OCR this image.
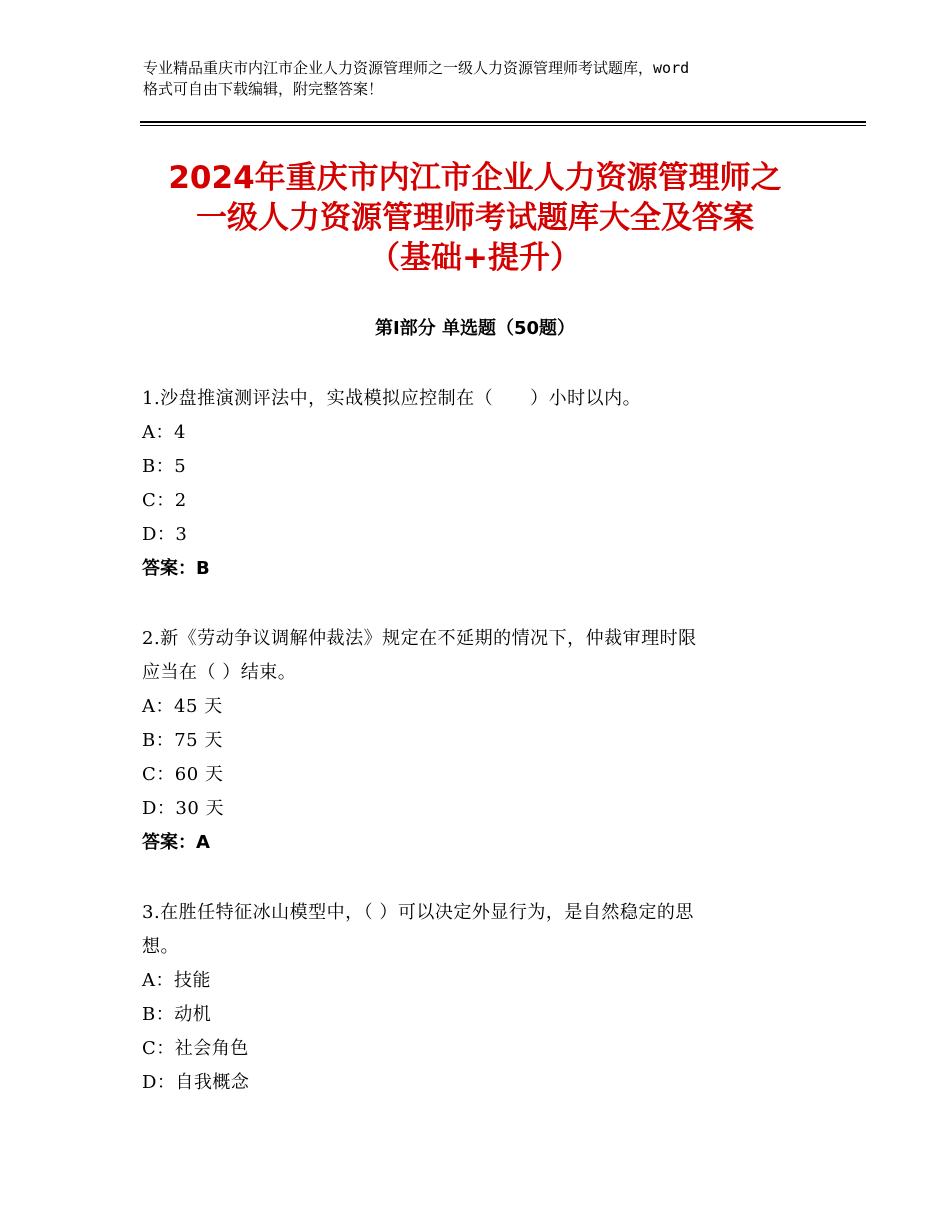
专业精品重庆市内江市企业人力资源管理师之一级人力资源管理师考试题库，word
格式可自由下载编辑，附完整答案！
2024年重庆市内江市企业人力资源管理师之
一级人力资源管理师考试题库大全及答案
（基础+提升）
第Ⅰ部分 单选题（50题）
1.沙盘推演测评法中，实战模拟应控制在（　　）小时以内。
A：4
B：5
C：2
D：3
答案：B
2.新《劳动争议调解仲裁法》规定在不延期的情况下，仲裁审理时限
应当在（ ）结束。
A：45 天
B：75 天
C：60 天
D：30 天
答案：A
3.在胜任特征冰山模型中，（ ）可以决定外显行为，是自然稳定的思
想。
A：技能
B：动机
C：社会角色
D：自我概念
